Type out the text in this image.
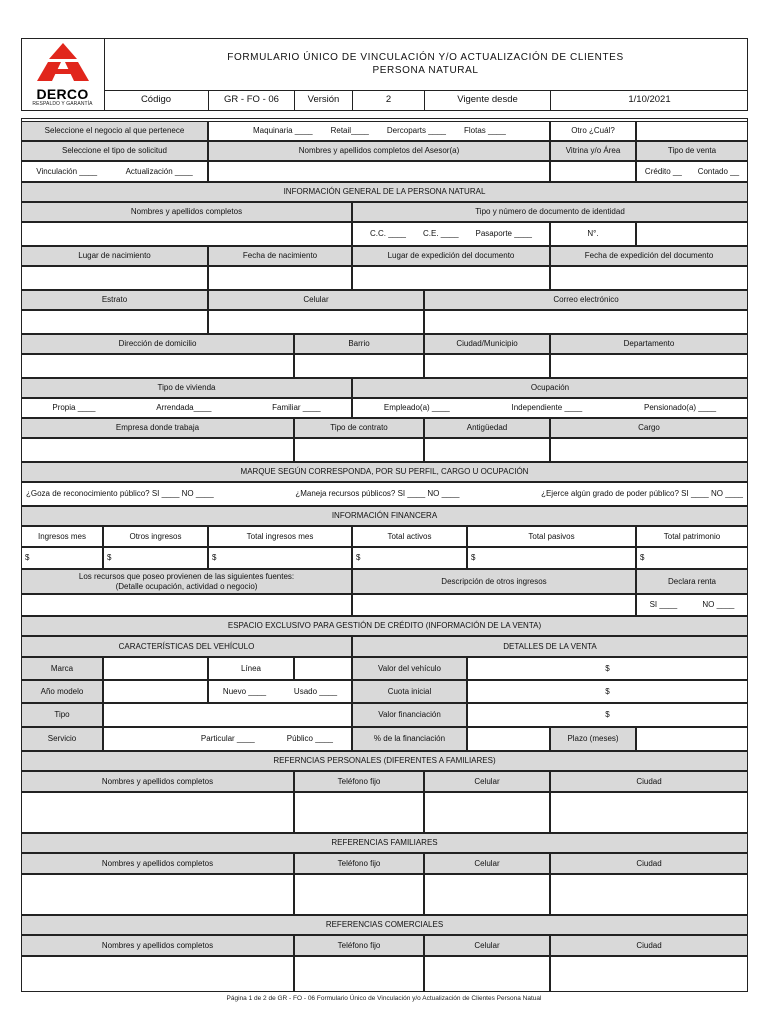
DERCO
RESPALDO Y GARANTÍA
FORMULARIO ÚNICO DE VINCULACIÓN Y/O ACTUALIZACIÓN DE CLIENTES
PERSONA NATURAL
Código	GR - FO - 06	Versión	2	Vigente desde	1/10/2021
Seleccione el negocio al que pertenece	Maquinaria ____ Retail____ Dercoparts ____ Flotas ____	Otro ¿Cuál?
Seleccione el tipo de solicitud	Nombres y apellidos completos del Asesor(a)	Vitrina y/o Área	Tipo de venta
Vinculación ____	Actualización ____	Crédito __ Contado __
INFORMACIÓN GENERAL DE LA PERSONA NATURAL
Nombres y apellidos completos	Tipo y número de documento de identidad
C.C. ____ C.E. ____ Pasaporte ____	N°.
Lugar de nacimiento	Fecha de nacimiento	Lugar de expedición del documento	Fecha de expedición del documento
Estrato	Celular	Correo electrónico
Dirección de domicilio	Barrio	Ciudad/Municipio	Departamento
Tipo de vivienda	Ocupación
Propia ____	Arrendada____	Familiar ____	Empleado(a) ____	Independiente ____	Pensionado(a) ____
Empresa donde trabaja	Tipo de contrato	Antigüedad	Cargo
MARQUE SEGÚN CORRESPONDA, POR SU PERFIL, CARGO U OCUPACIÓN
¿Goza de reconocimiento público? SI ____ NO ____	¿Maneja recursos públicos? SI ____ NO ____	¿Ejerce algún grado de poder público? SI ____ NO ____
INFORMACIÓN FINANCERA
Ingresos mes	Otros ingresos	Total ingresos mes	Total activos	Total pasivos	Total patrimonio
$	$	$	$	$	$
Los recursos que poseo provienen de las siguientes fuentes:
(Detalle ocupación, actividad o negocio)
Descripción de otros ingresos	Declara renta
SI ____	NO ____
ESPACIO EXCLUSIVO PARA GESTIÓN DE CRÉDITO (INFORMACIÓN DE LA VENTA)
CARACTERÍSTICAS DEL VEHÍCULO	DETALLES DE LA VENTA
Marca	Línea	Valor del vehículo	$
Año modelo	Nuevo ____	Usado ____	Cuota inicial	$
Tipo	Valor financiación	$
Servicio	Particular ____	Público ____	% de la financiación	Plazo (meses)
REFERNCIAS PERSONALES (DIFERENTES A FAMILIARES)
Nombres y apellidos completos	Teléfono fijo	Celular	Ciudad
REFERENCIAS FAMILIARES
Nombres y apellidos completos	Teléfono fijo	Celular	Ciudad
REFERENCIAS COMERCIALES
Nombres y apellidos completos	Teléfono fijo	Celular	Ciudad
Página 1 de 2 de GR - FO - 06 Formulario Único de Vinculación y/o Actualización de Clientes Persona Natual
